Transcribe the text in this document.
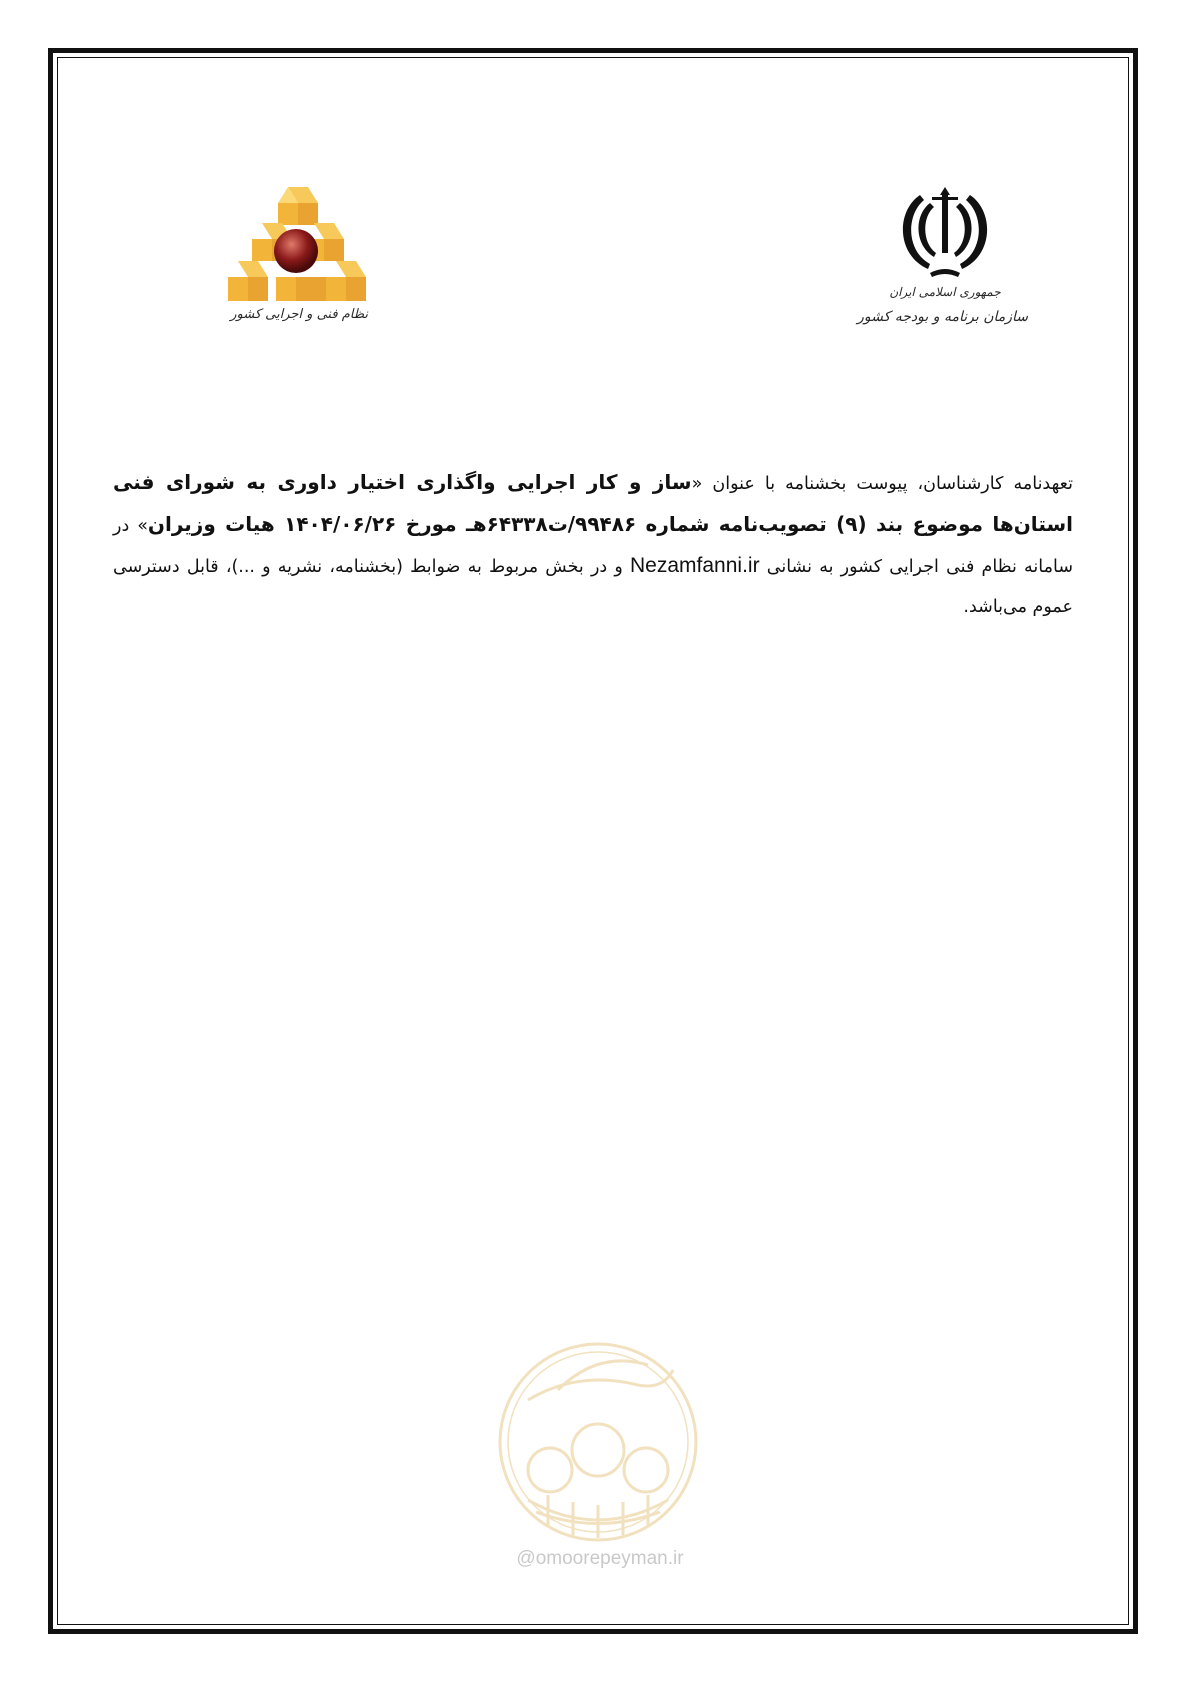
نظام فنی و اجرایی کشور
جمهوری اسلامی ایران
سازمان برنامه و بودجه کشور
تعهدنامه کارشناسان، پیوست بخشنامه با عنوان «ساز و کار اجرایی واگذاری اختیار داوری به شورای فنی استان‌ها موضوع بند (۹) تصویب‌نامه شماره ۹۹۴۸۶/ت۶۴۳۳۸هـ مورخ ۱۴۰۴/۰۶/۲۶ هیات وزیران» در سامانه نظام فنی اجرایی کشور به نشانی Nezamfanni.ir و در بخش مربوط به ضوابط (بخشنامه، نشریه و ...)، قابل دسترسی عموم می‌باشد.
@omoorepeyman.ir
